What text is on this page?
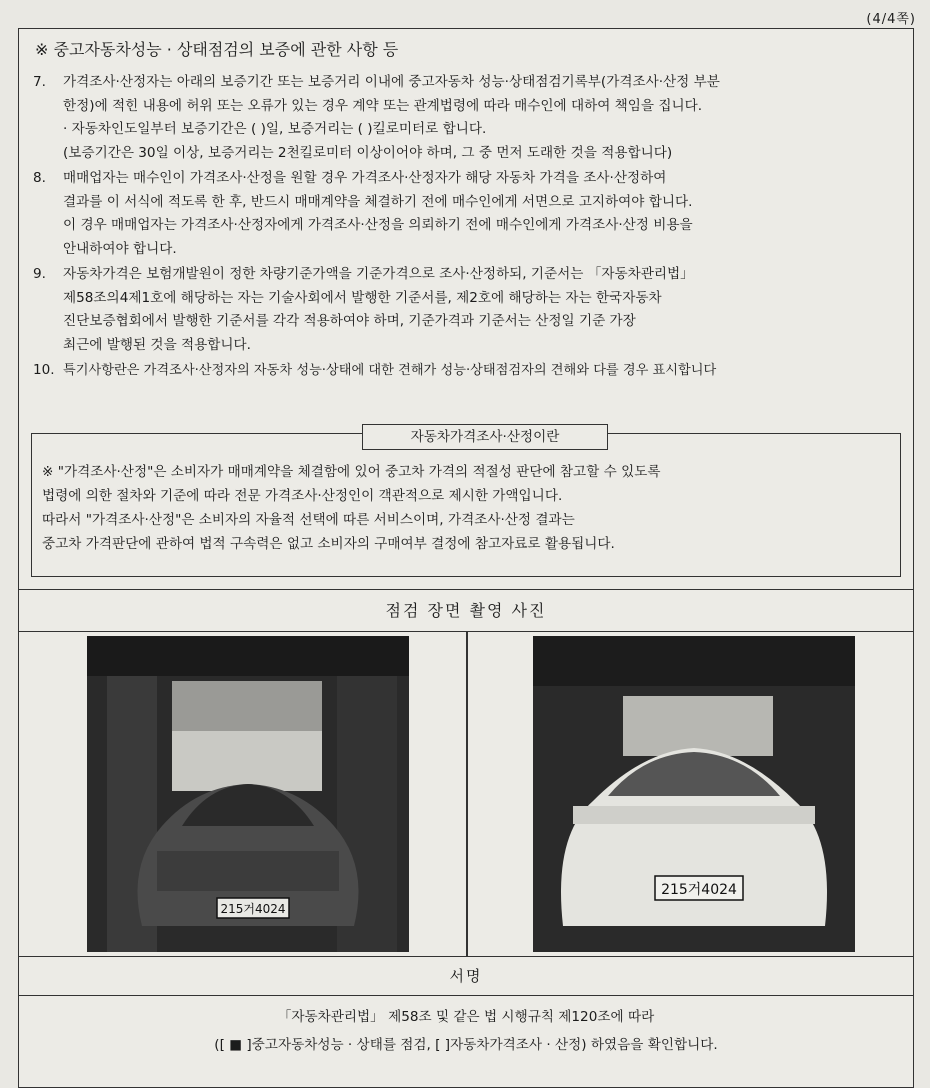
(4/4쪽)
※ 중고자동차성능 · 상태점검의 보증에 관한 사항 등
7. 가격조사·산정자는 아래의 보증기간 또는 보증거리 이내에 중고자동차 성능·상태점검기록부(가격조사·산정 부분

한정)에 적힌 내용에 허위 또는 오류가 있는 경우 계약 또는 관계법령에 따라 매수인에 대하여 책임을 집니다.

· 자동차인도일부터 보증기간은 ( )일, 보증거리는 ( )킬로미터로 합니다.

(보증기간은 30일 이상, 보증거리는 2천킬로미터 이상이어야 하며, 그 중 먼저 도래한 것을 적용합니다)

8. 매매업자는 매수인이 가격조사·산정을 원할 경우 가격조사·산정자가 해당 자동차 가격을 조사·산정하여

결과를 이 서식에 적도록 한 후, 반드시 매매계약을 체결하기 전에 매수인에게 서면으로 고지하여야 합니다.

이 경우 매매업자는 가격조사·산정자에게 가격조사·산정을 의뢰하기 전에 매수인에게 가격조사·산정 비용을

안내하여야 합니다.

9. 자동차가격은 보험개발원이 정한 차량기준가액을 기준가격으로 조사·산정하되, 기준서는 「자동차관리법」

제58조의4제1호에 해당하는 자는 기술사회에서 발행한 기준서를, 제2호에 해당하는 자는 한국자동차

진단보증협회에서 발행한 기준서를 각각 적용하여야 하며, 기준가격과 기준서는 산정일 기준 가장

최근에 발행된 것을 적용합니다.

10. 특기사항란은 가격조사·산정자의 자동차 성능·상태에 대한 견해가 성능·상태점검자의 견해와 다를 경우 표시합니다

자동차가격조사·산정이란

※ "가격조사·산정"은 소비자가 매매계약을 체결함에 있어 중고차 가격의 적절성 판단에 참고할 수 있도록

법령에 의한 절차와 기준에 따라 전문 가격조사·산정인이 객관적으로 제시한 가액입니다.

따라서 "가격조사·산정"은 소비자의 자율적 선택에 따른 서비스이며, 가격조사·산정 결과는

중고차 가격판단에 관하여 법적 구속력은 없고 소비자의 구매여부 결정에 참고자료로 활용됩니다.

점검 장면 촬영 사진
215거4024
215거4024
서명

「자동차관리법」 제58조 및 같은 법 시행규칙 제120조에 따라

([ ■ ]중고자동차성능 · 상태를 점검, [ ]자동차가격조사 · 산정) 하였음을 확인합니다.
